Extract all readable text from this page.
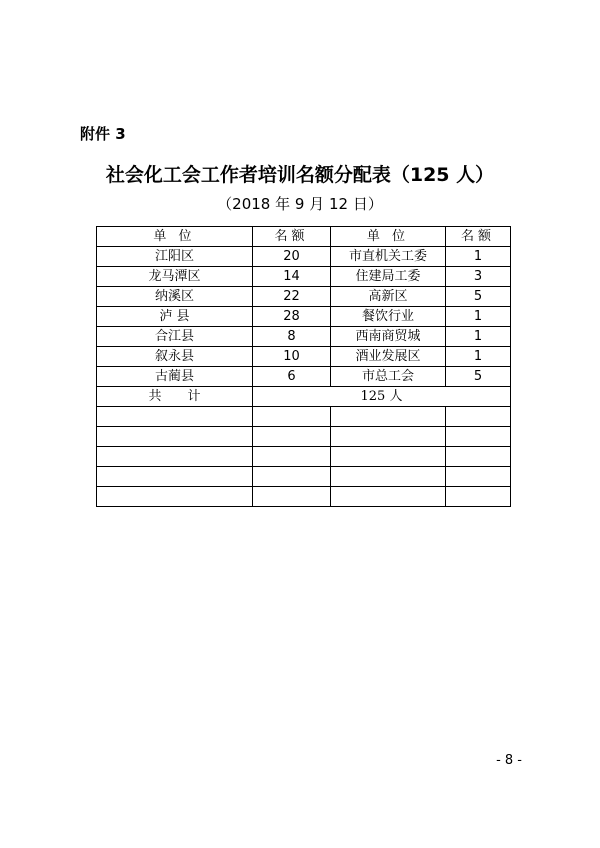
附件 3
社会化工会工作者培训名额分配表（125 人）
（2018 年 9 月 12 日）
单 位	名额	单 位	名额
江阳区	20	市直机关工委	1
龙马潭区	14	住建局工委	3
纳溪区	22	高新区	5
泸 县	28	餐饮行业	1
合江县	8	西南商贸城	1
叙永县	10	酒业发展区	1
古蔺县	6	市总工会	5
共　　计	125 人		

- 8 -
